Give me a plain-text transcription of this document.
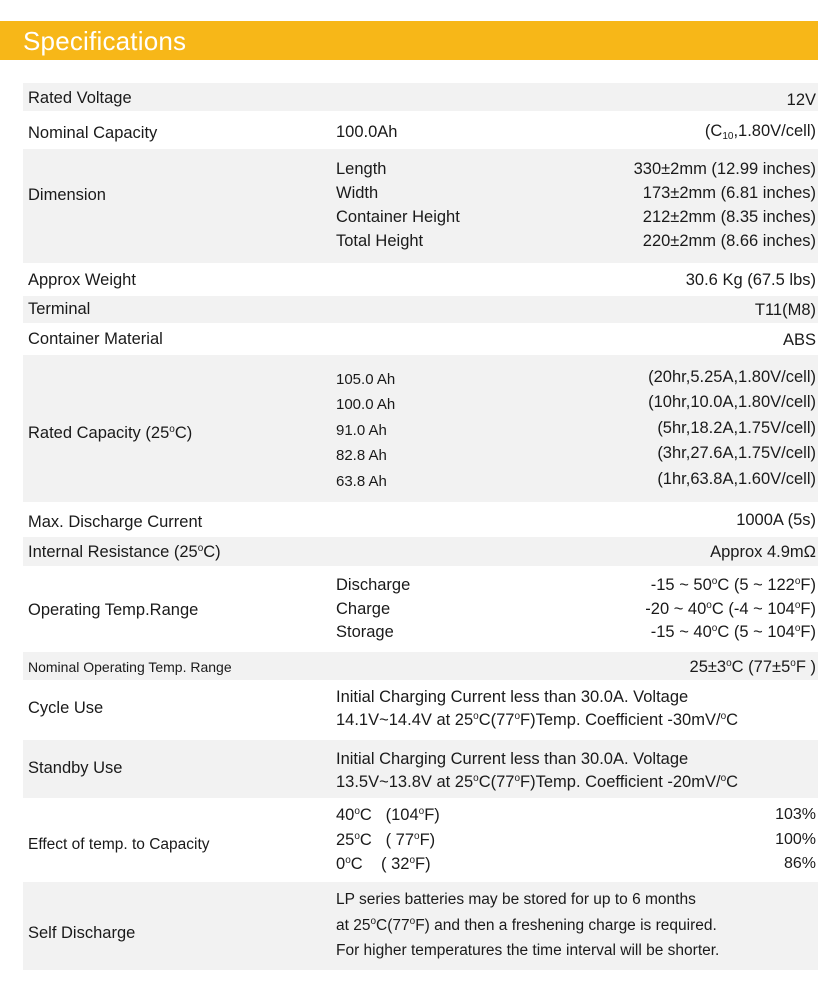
Specifications
Rated Voltage	12V
Nominal Capacity	100.0Ah	$(C_{10},1.80V/cell)$
Dimension
Length	330±2mm (12.99 inches)
Width	173±2mm (6.81 inches)
Container Height	212±2mm (8.35 inches)
Total Height	220±2mm (8.66 inches)
Approx Weight	30.6 Kg (67.5 lbs)
Terminal	T11(M8)
Container Material	ABS
Rated Capacity (25$^o$C)
105.0 Ah	(20hr,5.25A,1.80V/cell)
100.0 Ah	(10hr,10.0A,1.80V/cell)
91.0 Ah	(5hr,18.2A,1.75V/cell)
82.8 Ah	(3hr,27.6A,1.75V/cell)
63.8 Ah	(1hr,63.8A,1.60V/cell)
Max. Discharge Current	1000A (5s)
Internal Resistance (25$^o$C)	Approx 4.9mΩ
Operating Temp.Range
Discharge	-15 ~ 50$^o$C (5 ~ 122$^o$F)
Charge	-20 ~ 40$^o$C (-4 ~ 104$^o$F)
Storage	-15 ~ 40$^o$C (5 ~ 104$^o$F)
Nominal Operating Temp. Range	$25\pm 3^oC$ ($77\pm 5^oF$ )
Cycle Use
Initial Charging Current less than 30.0A. Voltage
14.1V~14.4V at 25$^o$C(77$^o$F)Temp. Coefficient -30mV/$^o$C
Standby Use	Initial Charging Current less than 30.0A. Voltage
13.5V~13.8V at 25$^o$C(77$^o$F)Temp. Coefficient -20mV/$^o$C
Effect of temp. to Capacity
40$^o$C   (104$^o$F)	103%
25$^o$C   ( 77$^o$F)	100%
0$^o$C    ( 32$^o$F)	86%
Self Discharge
LP series batteries may be stored for up to 6 months
at 25$^o$C(77$^o$F) and then a freshening charge is required.
For higher temperatures the time interval will be shorter.
